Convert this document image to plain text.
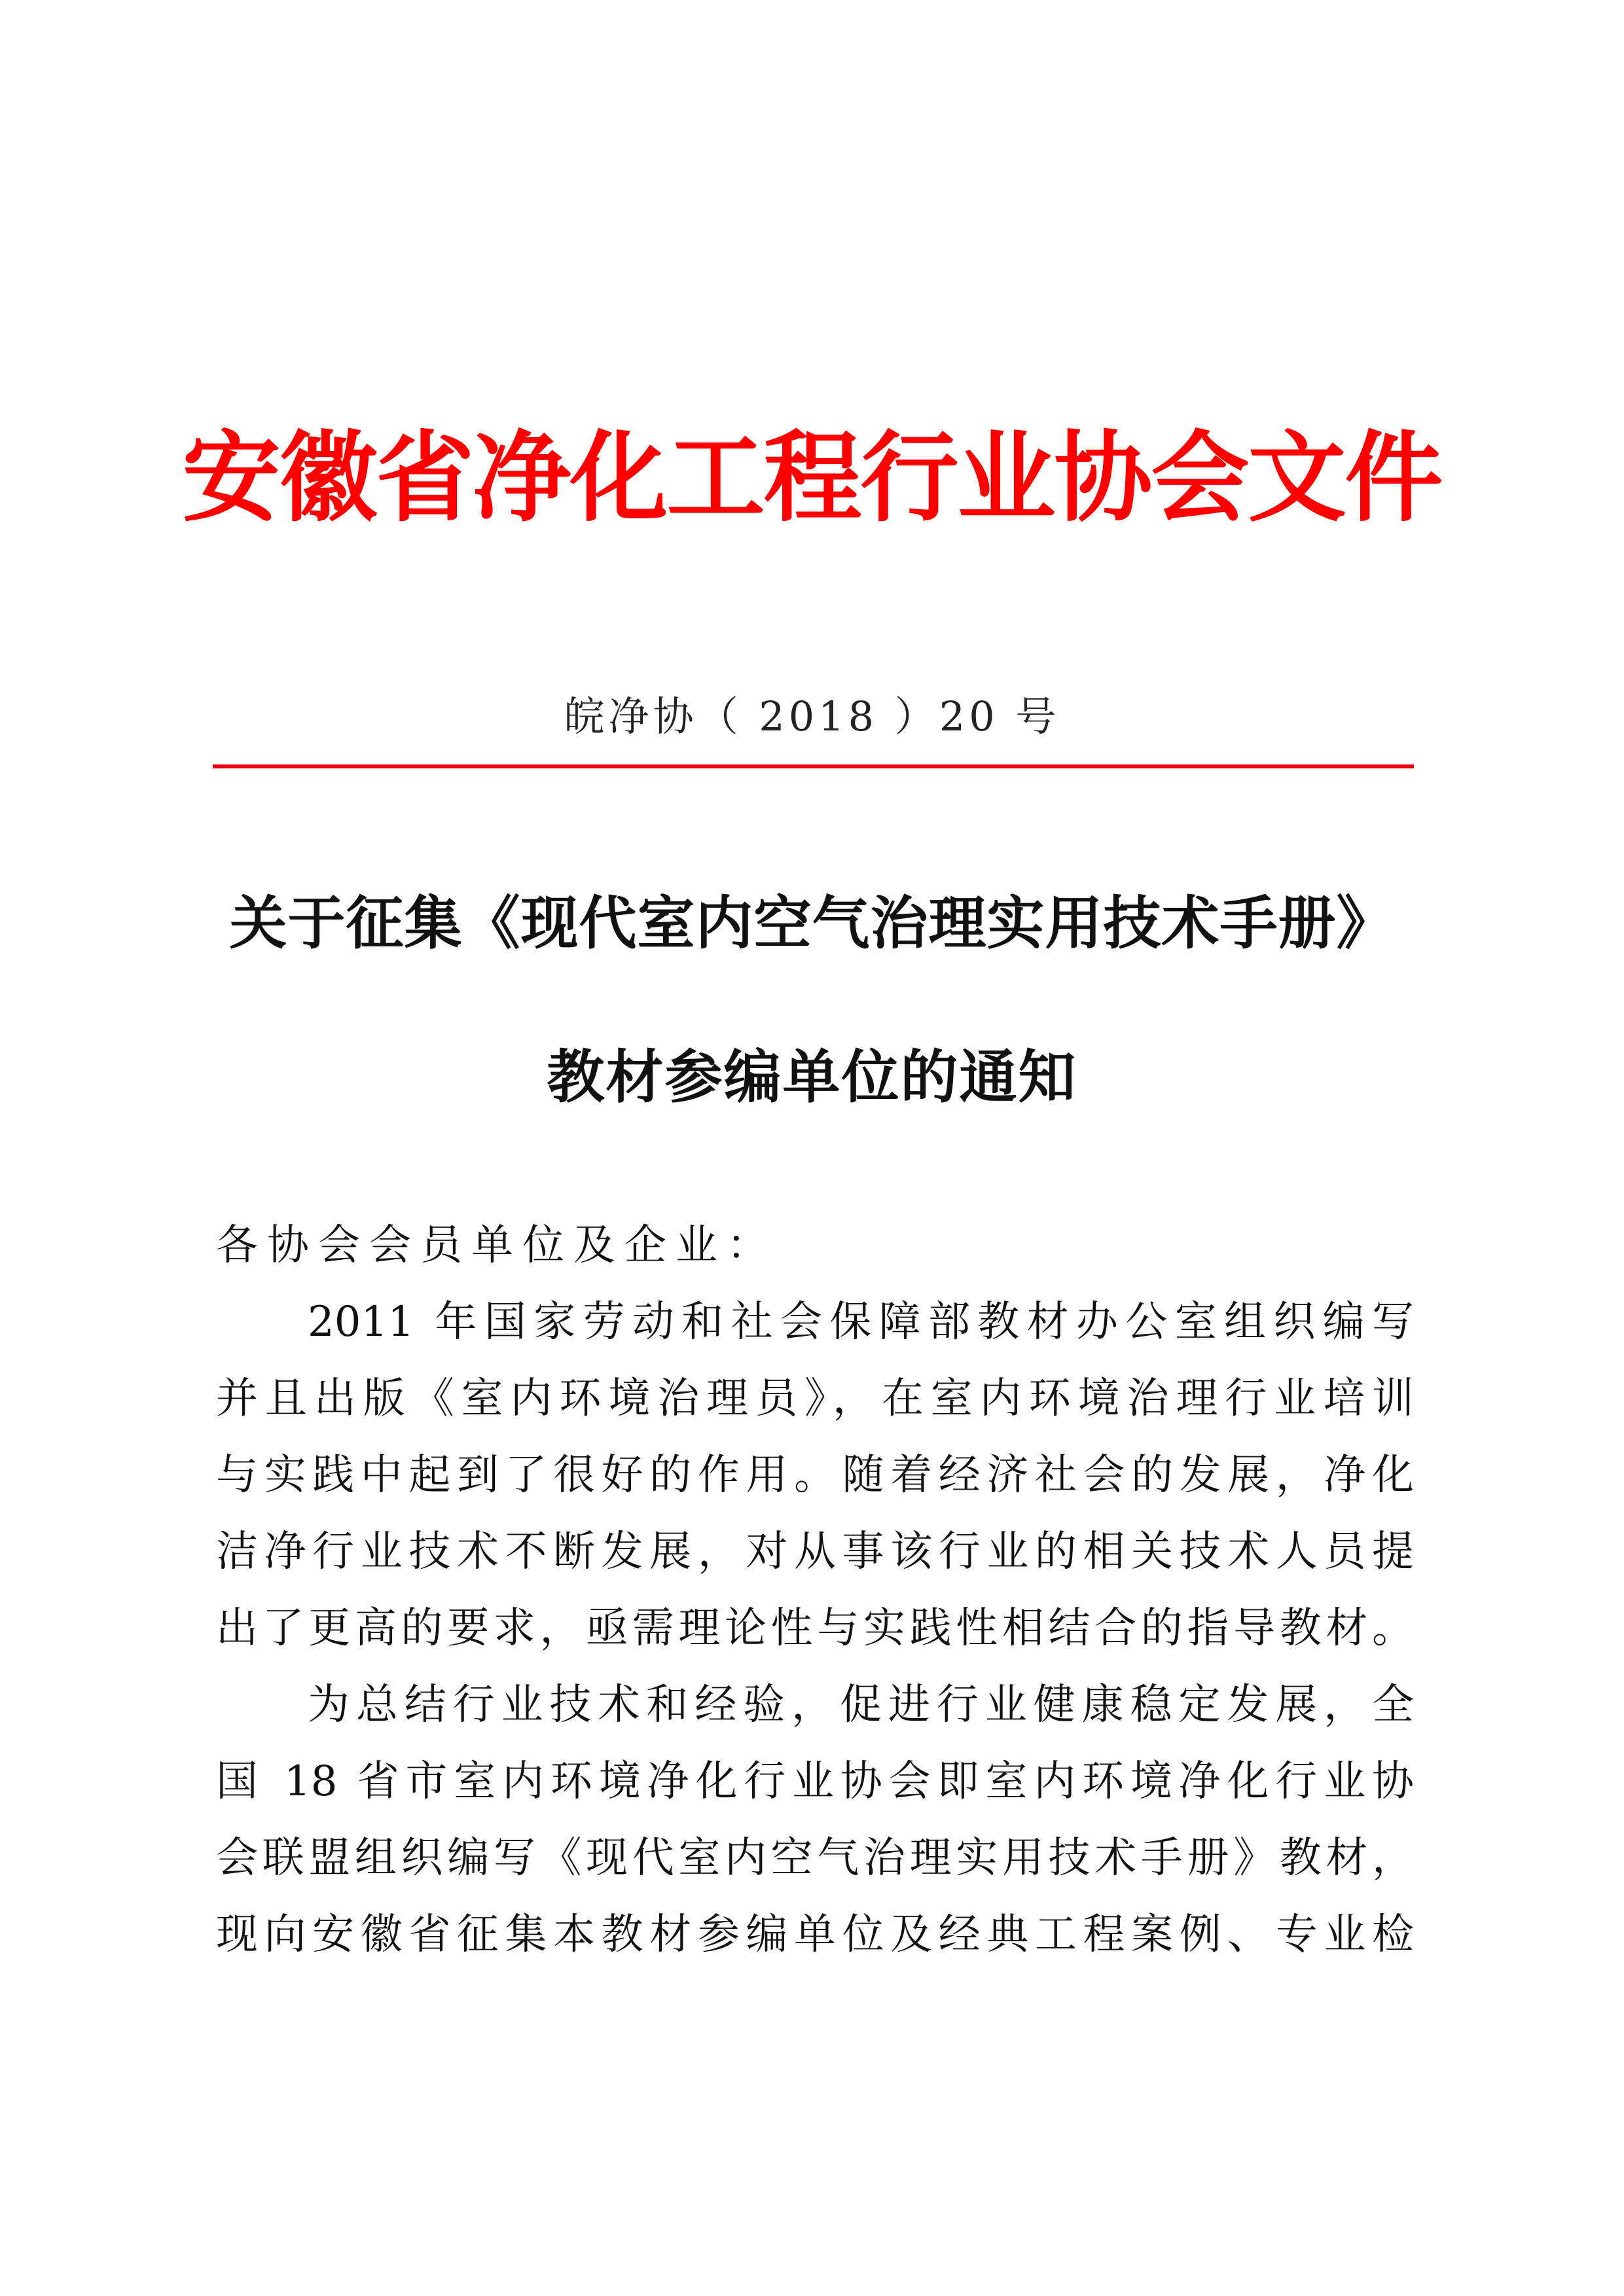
安徽省净化工程行业协会文件
皖净协（ 2018 ）20 号
关于征集《现代室内空气治理实用技术手册》
教材参编单位的通知
各协会会员单位及企业：
2011 年国家劳动和社会保障部教材办公室组织编写
并且出版《室内环境治理员》，在室内环境治理行业培训
与实践中起到了很好的作用。随着经济社会的发展，净化
洁净行业技术不断发展，对从事该行业的相关技术人员提
出了更高的要求，亟需理论性与实践性相结合的指导教材。
为总结行业技术和经验，促进行业健康稳定发展，全
国 18 省市室内环境净化行业协会即室内环境净化行业协
会联盟组织编写《现代室内空气治理实用技术手册》教材，
现向安徽省征集本教材参编单位及经典工程案例、专业检
